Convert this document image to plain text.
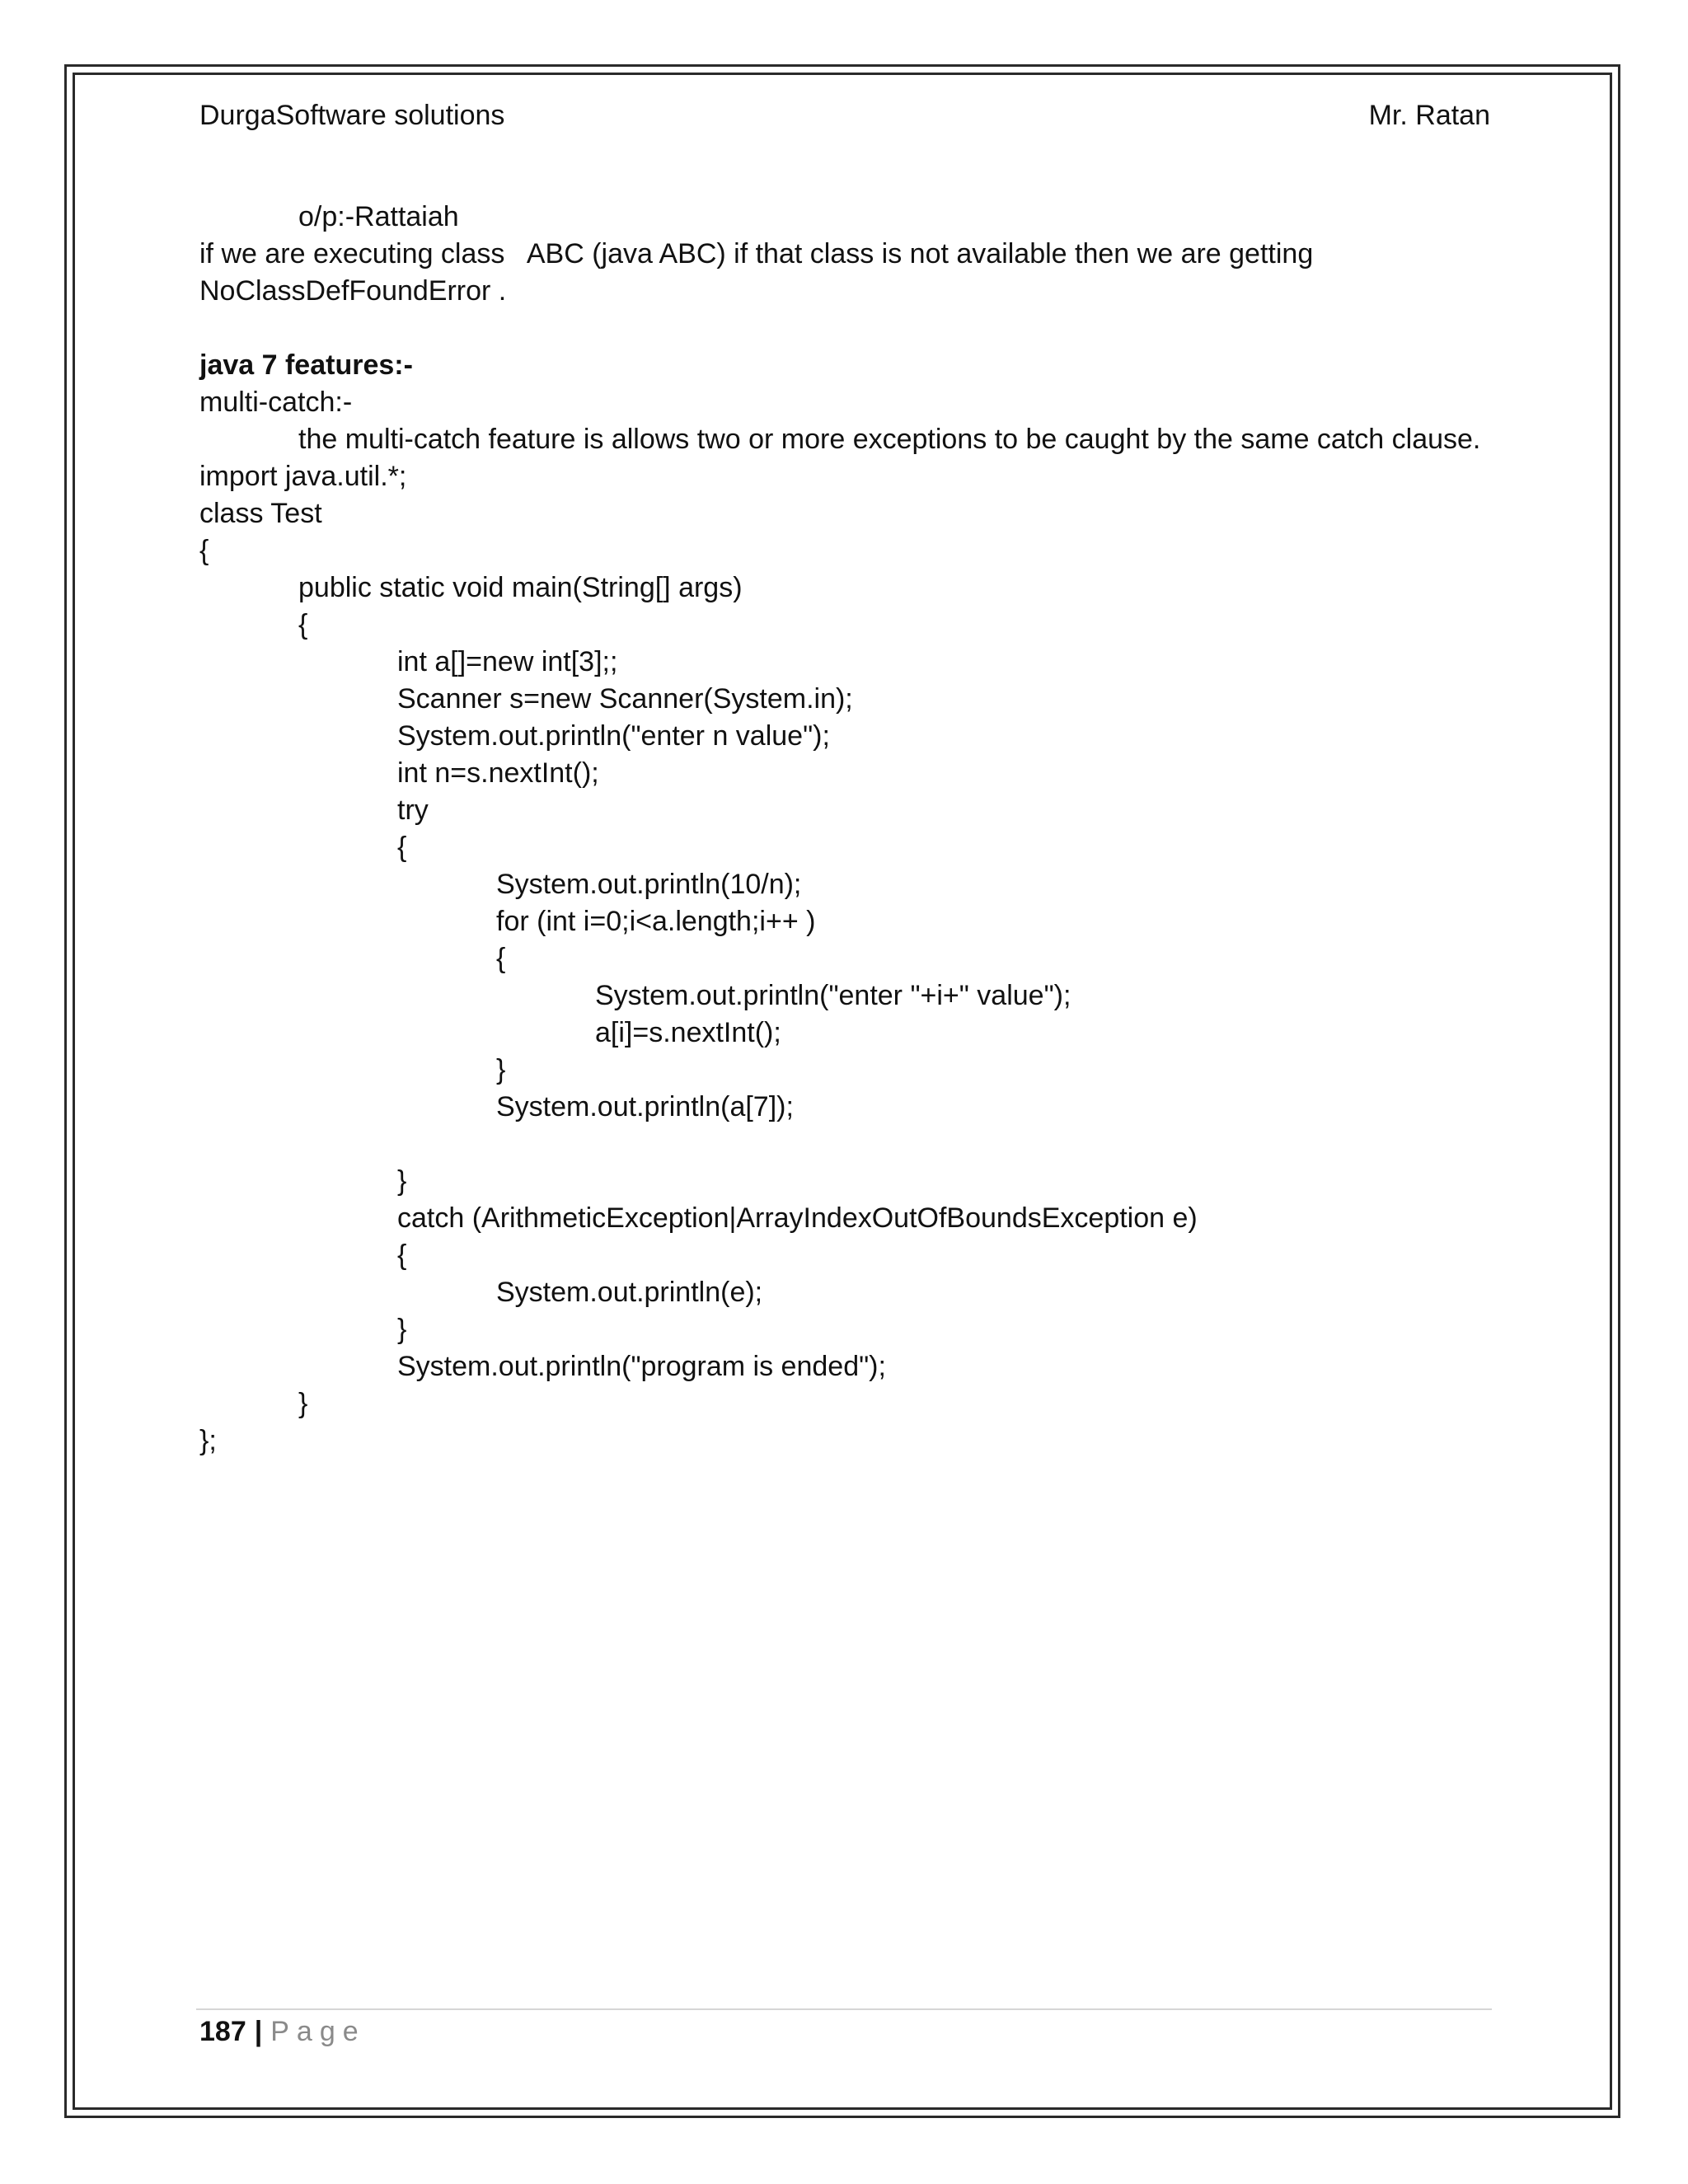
DurgaSoftware solutions	Mr. Ratan
o/p:-Rattaiah
if we are executing class   ABC (java ABC) if that class is not available then we are getting
NoClassDefFoundError .
java 7 features:-
multi-catch:-
the multi-catch feature is allows two or more exceptions to be caught by the same catch clause.
import java.util.*;
class Test
{
public static void main(String[] args)
{
int a[]=new int[3];;
Scanner s=new Scanner(System.in);
System.out.println("enter n value");
int n=s.nextInt();
try
{
System.out.println(10/n);
for (int i=0;i<a.length;i++ )
{
System.out.println("enter "+i+" value");
a[i]=s.nextInt();
}
System.out.println(a[7]);
}
catch (ArithmeticException|ArrayIndexOutOfBoundsException e)
{
System.out.println(e);
}
System.out.println("program is ended");
}
};
187 | Page
